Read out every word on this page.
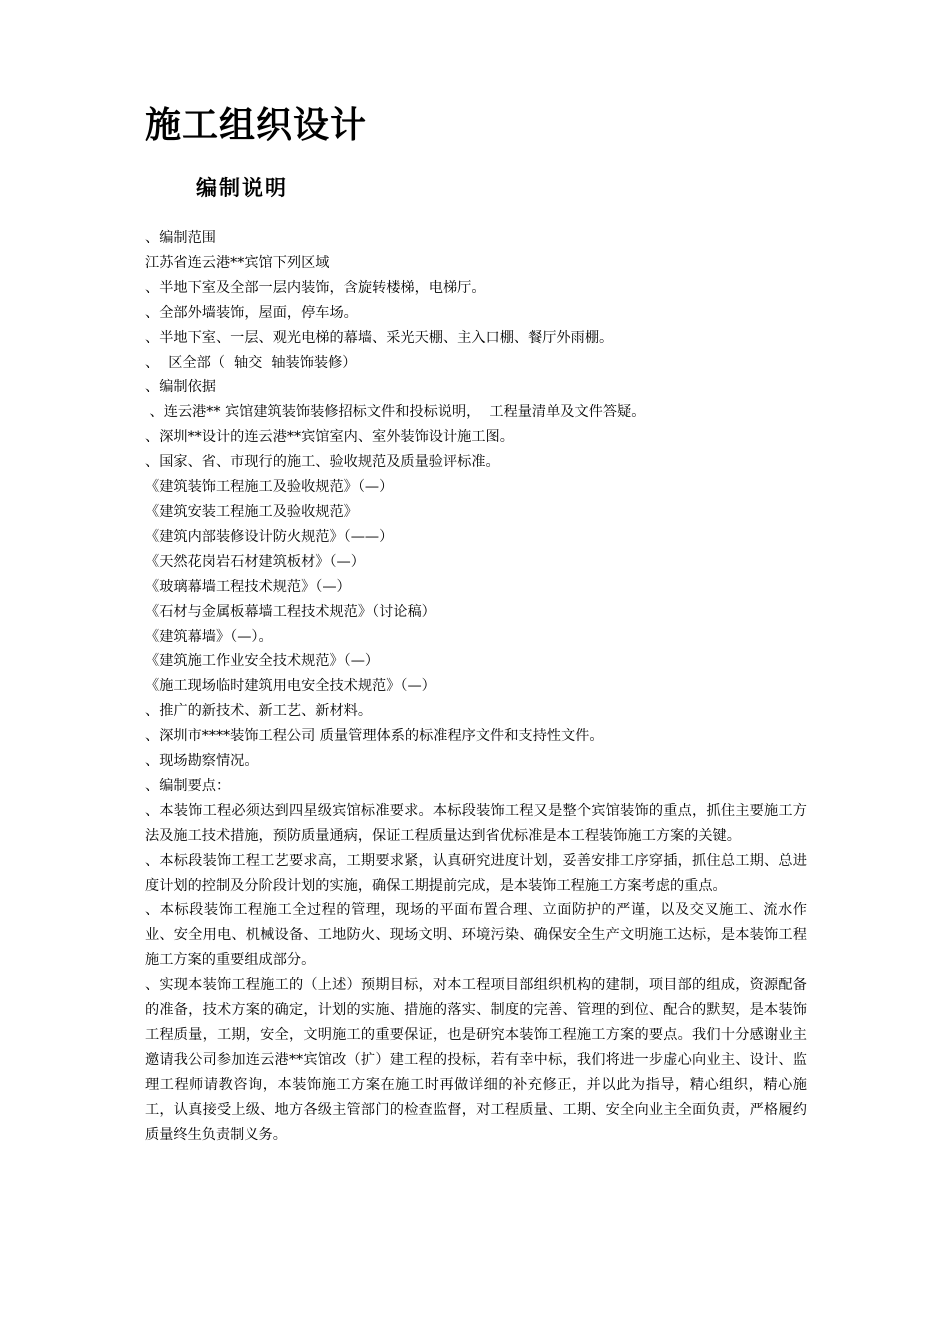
施工组织设计
编制说明
、编制范围
江苏省连云港**宾馆下列区域
、半地下室及全部一层内装饰，含旋转楼梯，电梯厅。
、全部外墙装饰，屋面，停车场。
、半地下室、一层、观光电梯的幕墙、采光天棚、主入口棚、餐厅外雨棚。
、  区全部（  轴交  轴装饰装修）
、编制依据
、连云港** 宾馆建筑装饰装修招标文件和投标说明，  工程量清单及文件答疑。
、深圳**设计的连云港**宾馆室内、室外装饰设计施工图。
、国家、省、市现行的施工、验收规范及质量验评标准。
《建筑装饰工程施工及验收规范》（—）
《建筑安装工程施工及验收规范》
《建筑内部装修设计防火规范》（——）
《天然花岗岩石材建筑板材》（—）
《玻璃幕墙工程技术规范》（—）
《石材与金属板幕墙工程技术规范》（讨论稿）
《建筑幕墙》（—）。
《建筑施工作业安全技术规范》（—）
《施工现场临时建筑用电安全技术规范》（—）
、推广的新技术、新工艺、新材料。
、深圳市****装饰工程公司 质量管理体系的标准程序文件和支持性文件。
、现场勘察情况。
、编制要点：
、本装饰工程必须达到四星级宾馆标准要求。本标段装饰工程又是整个宾馆装饰的重点，抓住主要施工方法及施工技术措施，预防质量通病，保证工程质量达到省优标准是本工程装饰施工方案的关键。
、本标段装饰工程工艺要求高，工期要求紧，认真研究进度计划，妥善安排工序穿插，抓住总工期、总进度计划的控制及分阶段计划的实施，确保工期提前完成，是本装饰工程施工方案考虑的重点。
、本标段装饰工程施工全过程的管理，现场的平面布置合理、立面防护的严谨，以及交叉施工、流水作业、安全用电、机械设备、工地防火、现场文明、环境污染、确保安全生产文明施工达标，是本装饰工程施工方案的重要组成部分。
、实现本装饰工程施工的（上述）预期目标，对本工程项目部组织机构的建制，项目部的组成，资源配备的准备，技术方案的确定，计划的实施、措施的落实、制度的完善、管理的到位、配合的默契，是本装饰工程质量，工期，安全，文明施工的重要保证，也是研究本装饰工程施工方案的要点。我们十分感谢业主邀请我公司参加连云港**宾馆改（扩）建工程的投标，若有幸中标，我们将进一步虚心向业主、设计、监理工程师请教咨询，本装饰施工方案在施工时再做详细的补充修正，并以此为指导，精心组织，精心施工，认真接受上级、地方各级主管部门的检查监督，对工程质量、工期、安全向业主全面负责，严格履约质量终生负责制义务。
